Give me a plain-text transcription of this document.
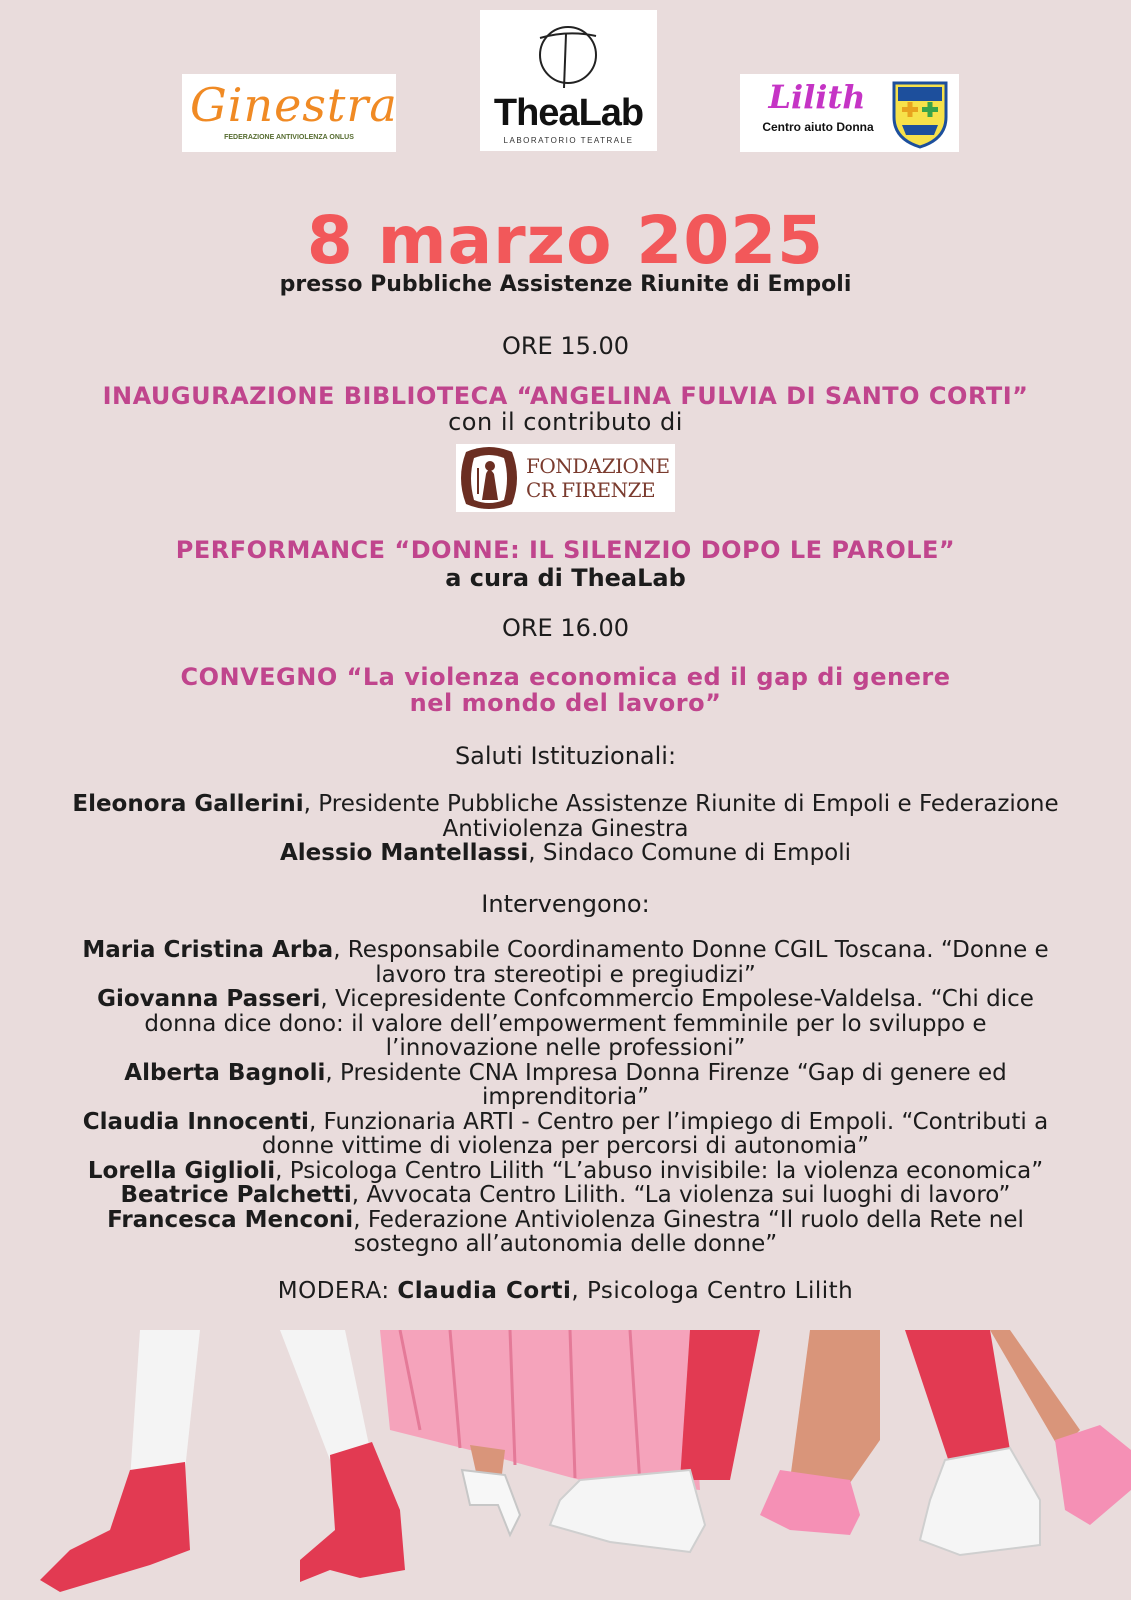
Ginestra
FEDERAZIONE ANTIVIOLENZA ONLUS
TheaLab
LABORATORIO TEATRALE
Lilith
Centro aiuto Donna
8 marzo 2025

presso Pubbliche Assistenze Riunite di Empoli

ORE 15.00

INAUGURAZIONE BIBLIOTECA “ANGELINA FULVIA DI SANTO CORTI”

con il contributo di

FONDAZIONE
CR FIRENZE

PERFORMANCE “DONNE: IL SILENZIO DOPO LE PAROLE”

a cura di TheaLab

ORE 16.00

CONVEGNO “La violenza economica ed il gap di genere
nel mondo del lavoro”

Saluti Istituzionali:

Eleonora Gallerini, Presidente Pubbliche Assistenze Riunite di Empoli e Federazione
Antiviolenza Ginestra
Alessio Mantellassi, Sindaco Comune di Empoli

Intervengono:

Maria Cristina Arba, Responsabile Coordinamento Donne CGIL Toscana. “Donne e
lavoro tra stereotipi e pregiudizi”
Giovanna Passeri, Vicepresidente Confcommercio Empolese-Valdelsa. “Chi dice
donna dice dono: il valore dell’empowerment femminile per lo sviluppo e
l’innovazione nelle professioni”
Alberta Bagnoli, Presidente CNA Impresa Donna Firenze “Gap di genere ed
imprenditoria”
Claudia Innocenti, Funzionaria ARTI - Centro per l’impiego di Empoli. “Contributi a
donne vittime di violenza per percorsi di autonomia”
Lorella Giglioli, Psicologa Centro Lilith “L’abuso invisibile: la violenza economica”
Beatrice Palchetti, Avvocata Centro Lilith. “La violenza sui luoghi di lavoro”
Francesca Menconi, Federazione Antiviolenza Ginestra “Il ruolo della Rete nel
sostegno all’autonomia delle donne”

MODERA: Claudia Corti, Psicologa Centro Lilith
